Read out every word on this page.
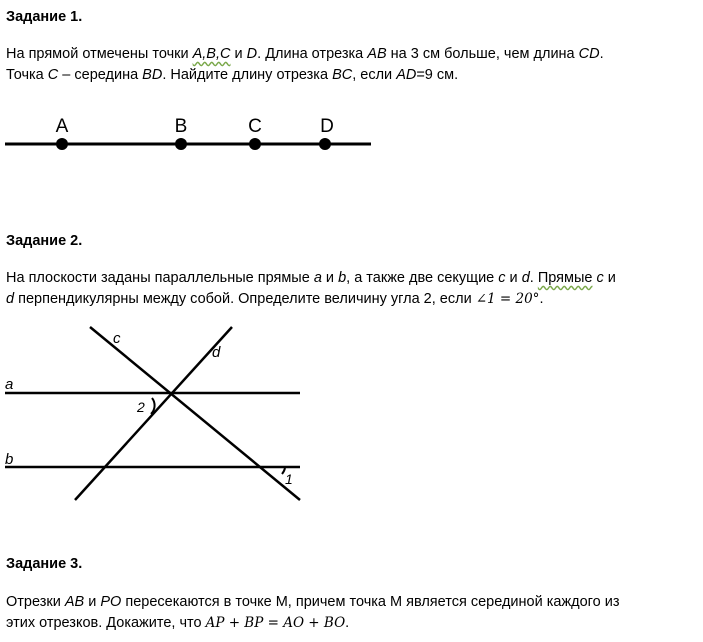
Задание 1.
На прямой отмечены точки A,B,C и D. Длина отрезка AB на 3 см больше, чем длина CD.
Точка C – середина BD. Найдите длину отрезка BC, если AD=9 см.
A	B	C	D
Задание 2.
На плоскости заданы параллельные прямые a и b, а также две секущие c и d. Прямые c и
d перпендикулярны между собой. Определите величину угла 2, если ∠1 = 20°.
c
d
a
b
2
1
Задание 3.
Отрезки AB и PO пересекаются в точке М, причем точка М является серединой каждого из
этих отрезков. Докажите, что AP + BP = AO + BO.
